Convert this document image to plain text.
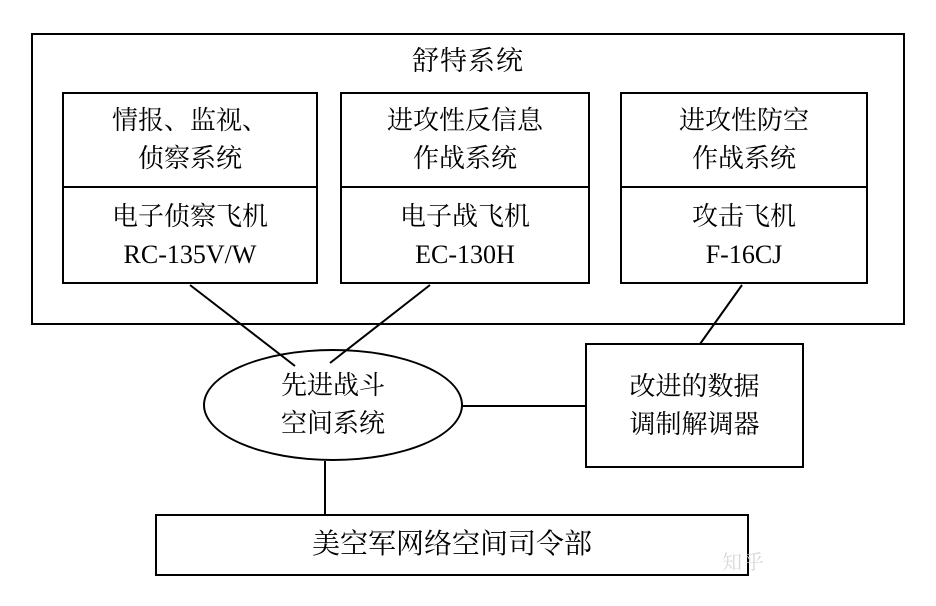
舒特系统
情报、监视、
侦察系统
电子侦察飞机
RC-135V/W
进攻性反信息
作战系统
电子战飞机
EC-130H
进攻性防空
作战系统
攻击飞机
F-16CJ
先进战斗
空间系统
改进的数据
调制解调器
美空军网络空间司令部
知乎
